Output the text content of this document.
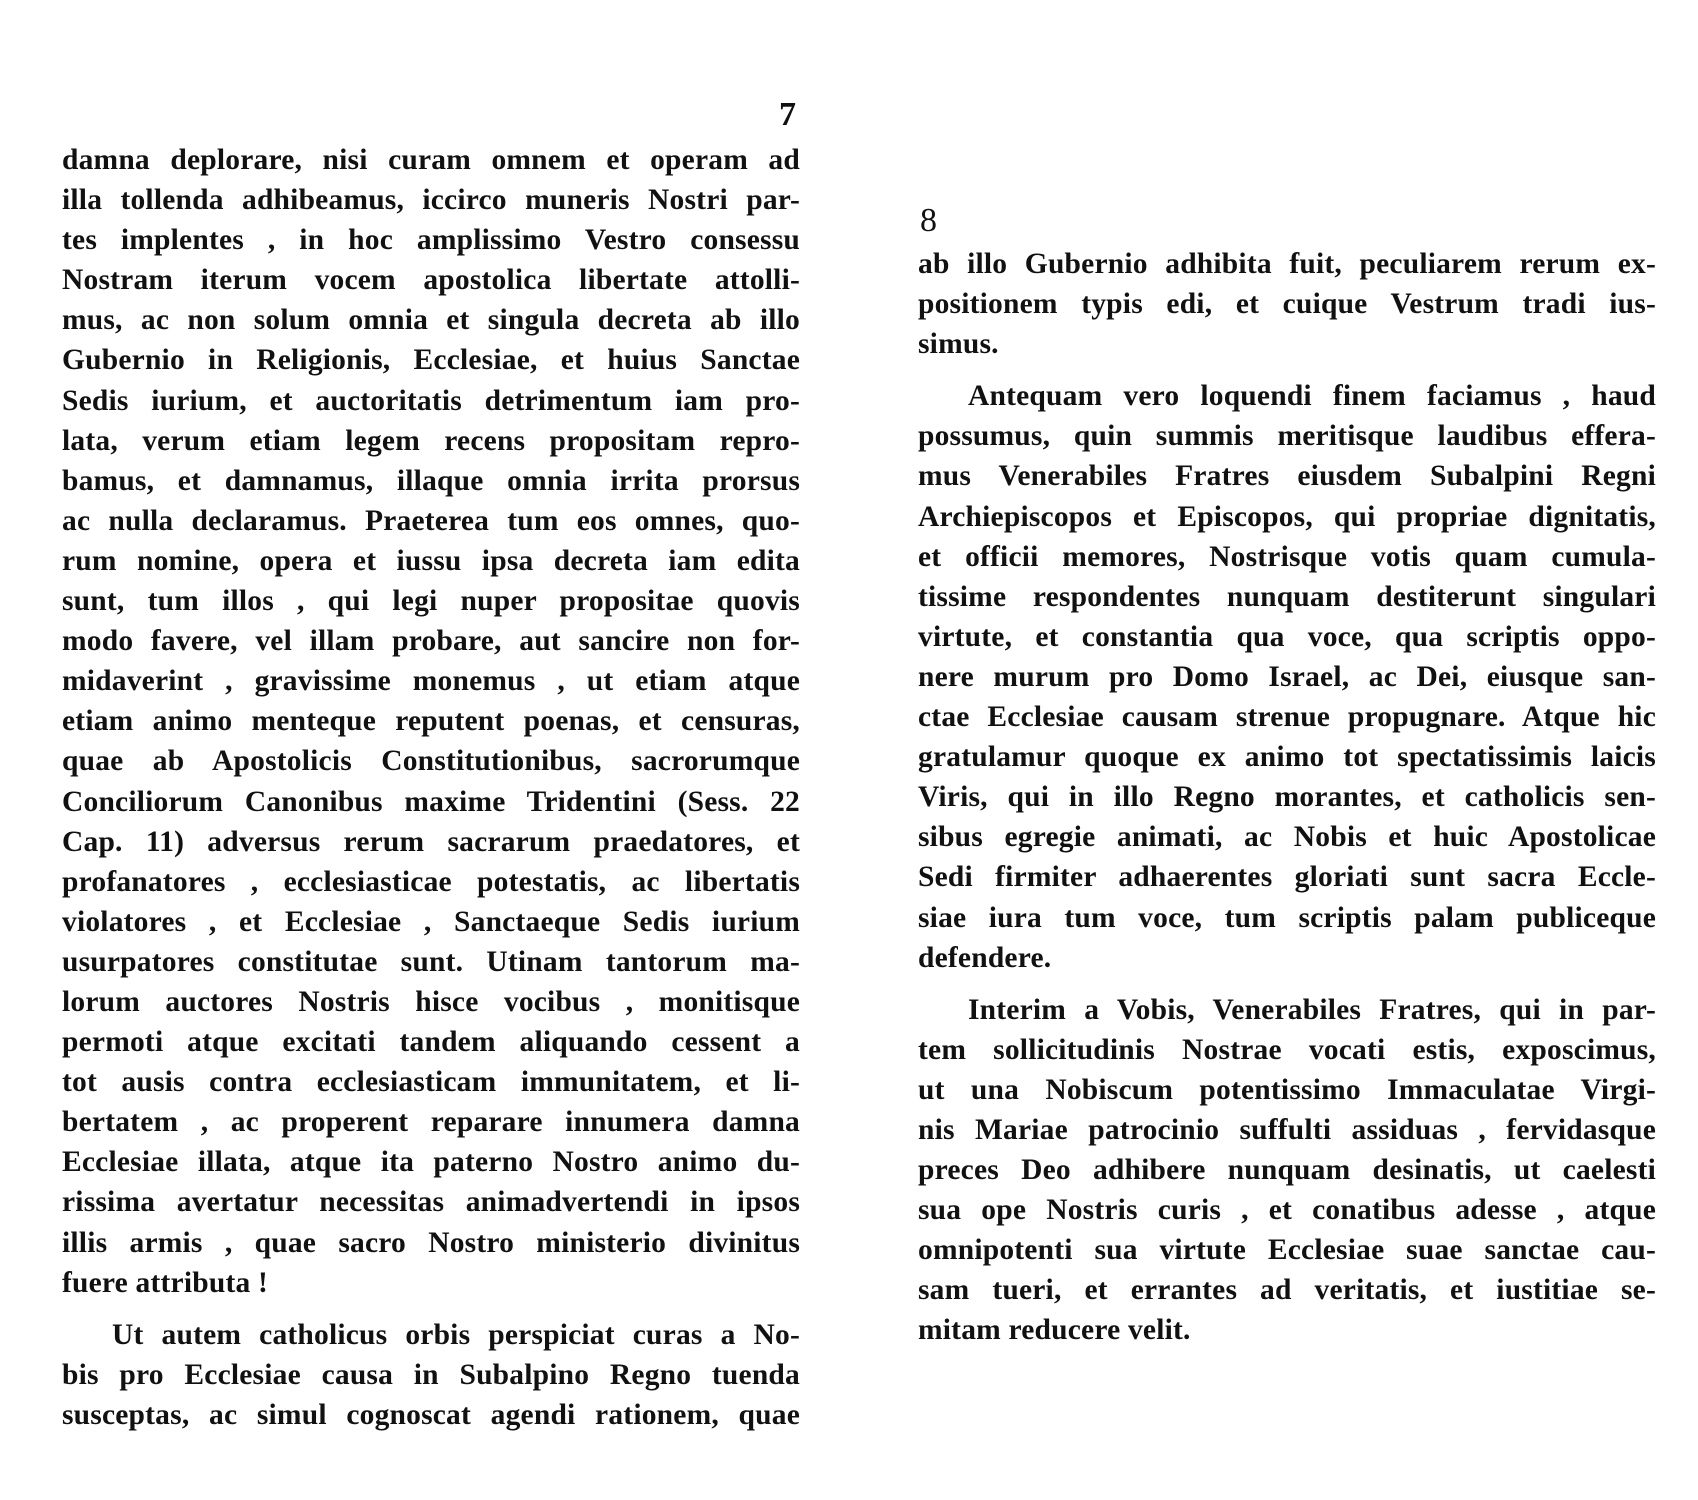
7
damna deplorare, nisi curam omnem et operam ad
illa tollenda adhibeamus, iccirco muneris Nostri par-
tes implentes , in hoc amplissimo Vestro consessu
Nostram iterum vocem apostolica libertate attolli-
mus, ac non solum omnia et singula decreta ab illo
Gubernio in Religionis, Ecclesiae, et huius Sanctae
Sedis iurium, et auctoritatis detrimentum iam pro-
lata, verum etiam legem recens propositam repro-
bamus, et damnamus, illaque omnia irrita prorsus
ac nulla declaramus. Praeterea tum eos omnes, quo-
rum nomine, opera et iussu ipsa decreta iam edita
sunt, tum illos , qui legi nuper propositae quovis
modo favere, vel illam probare, aut sancire non for-
midaverint , gravissime monemus , ut etiam atque
etiam animo menteque reputent poenas, et censuras,
quae ab Apostolicis Constitutionibus, sacrorumque
Conciliorum Canonibus maxime Tridentini (Sess. 22
Cap. 11) adversus rerum sacrarum praedatores, et
profanatores , ecclesiasticae potestatis, ac libertatis
violatores , et Ecclesiae , Sanctaeque Sedis iurium
usurpatores constitutae sunt. Utinam tantorum ma-
lorum auctores Nostris hisce vocibus , monitisque
permoti atque excitati tandem aliquando cessent a
tot ausis contra ecclesiasticam immunitatem, et li-
bertatem , ac properent reparare innumera damna
Ecclesiae illata, atque ita paterno Nostro animo du-
rissima avertatur necessitas animadvertendi in ipsos
illis armis , quae sacro Nostro ministerio divinitus
fuere attributa !
Ut autem catholicus orbis perspiciat curas a No-
bis pro Ecclesiae causa in Subalpino Regno tuenda
susceptas, ac simul cognoscat agendi rationem, quae
8
ab illo Gubernio adhibita fuit, peculiarem rerum ex-
positionem typis edi, et cuique Vestrum tradi ius-
simus.
Antequam vero loquendi finem faciamus , haud
possumus, quin summis meritisque laudibus effera-
mus Venerabiles Fratres eiusdem Subalpini Regni
Archiepiscopos et Episcopos, qui propriae dignitatis,
et officii memores, Nostrisque votis quam cumula-
tissime respondentes nunquam destiterunt singulari
virtute, et constantia qua voce, qua scriptis oppo-
nere murum pro Domo Israel, ac Dei, eiusque san-
ctae Ecclesiae causam strenue propugnare. Atque hic
gratulamur quoque ex animo tot spectatissimis laicis
Viris, qui in illo Regno morantes, et catholicis sen-
sibus egregie animati, ac Nobis et huic Apostolicae
Sedi firmiter adhaerentes gloriati sunt sacra Eccle-
siae iura tum voce, tum scriptis palam publiceque
defendere.
Interim a Vobis, Venerabiles Fratres, qui in par-
tem sollicitudinis Nostrae vocati estis, exposcimus,
ut una Nobiscum potentissimo Immaculatae Virgi-
nis Mariae patrocinio suffulti assiduas , fervidasque
preces Deo adhibere nunquam desinatis, ut caelesti
sua ope Nostris curis , et conatibus adesse , atque
omnipotenti sua virtute Ecclesiae suae sanctae cau-
sam tueri, et errantes ad veritatis, et iustitiae se-
mitam reducere velit.
